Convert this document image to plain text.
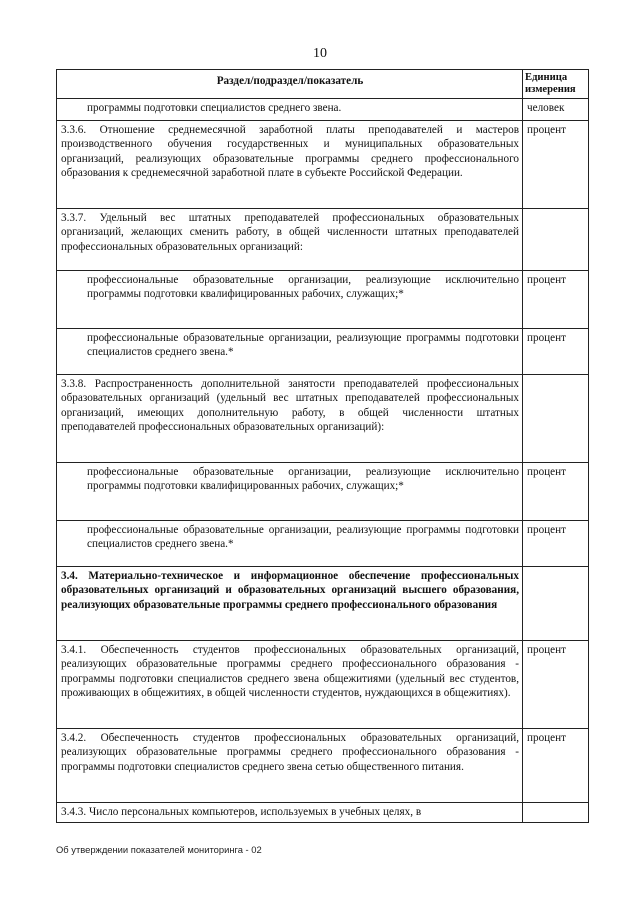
10
Раздел/подраздел/показатель	Единица измерения
программы подготовки специалистов среднего звена.	человек
3.3.6. Отношение среднемесячной заработной платы преподавателей и мастеров производственного обучения государственных и муниципальных образовательных организаций, реализующих образовательные программы среднего профессионального образования к среднемесячной заработной плате в субъекте Российской Федерации.	процент
3.3.7. Удельный вес штатных преподавателей профессиональных образовательных организаций, желающих сменить работу, в общей численности штатных преподавателей профессиональных образовательных организаций:	
профессиональные образовательные организации, реализующие исключительно программы подготовки квалифицированных рабочих, служащих;*	процент
профессиональные образовательные организации, реализующие программы подготовки специалистов среднего звена.*	процент
3.3.8. Распространенность дополнительной занятости преподавателей профессиональных образовательных организаций (удельный вес штатных преподавателей профессиональных организаций, имеющих дополнительную работу, в общей численности штатных преподавателей профессиональных образовательных организаций):	
профессиональные образовательные организации, реализующие исключительно программы подготовки квалифицированных рабочих, служащих;*	процент
профессиональные образовательные организации, реализующие программы подготовки специалистов среднего звена.*	процент
3.4. Материально-техническое и информационное обеспечение профессиональных образовательных организаций и образовательных организаций высшего образования, реализующих образовательные программы среднего профессионального образования	
3.4.1. Обеспеченность студентов профессиональных образовательных организаций, реализующих образовательные программы среднего профессионального образования - программы подготовки специалистов среднего звена общежитиями (удельный вес студентов, проживающих в общежитиях, в общей численности студентов, нуждающихся в общежитиях).	процент
3.4.2. Обеспеченность студентов профессиональных образовательных организаций, реализующих образовательные программы среднего профессионального образования - программы подготовки специалистов среднего звена сетью общественного питания.	процент
3.4.3. Число персональных компьютеров, используемых в учебных целях, в	
Об утверждении показателей мониторинга - 02
